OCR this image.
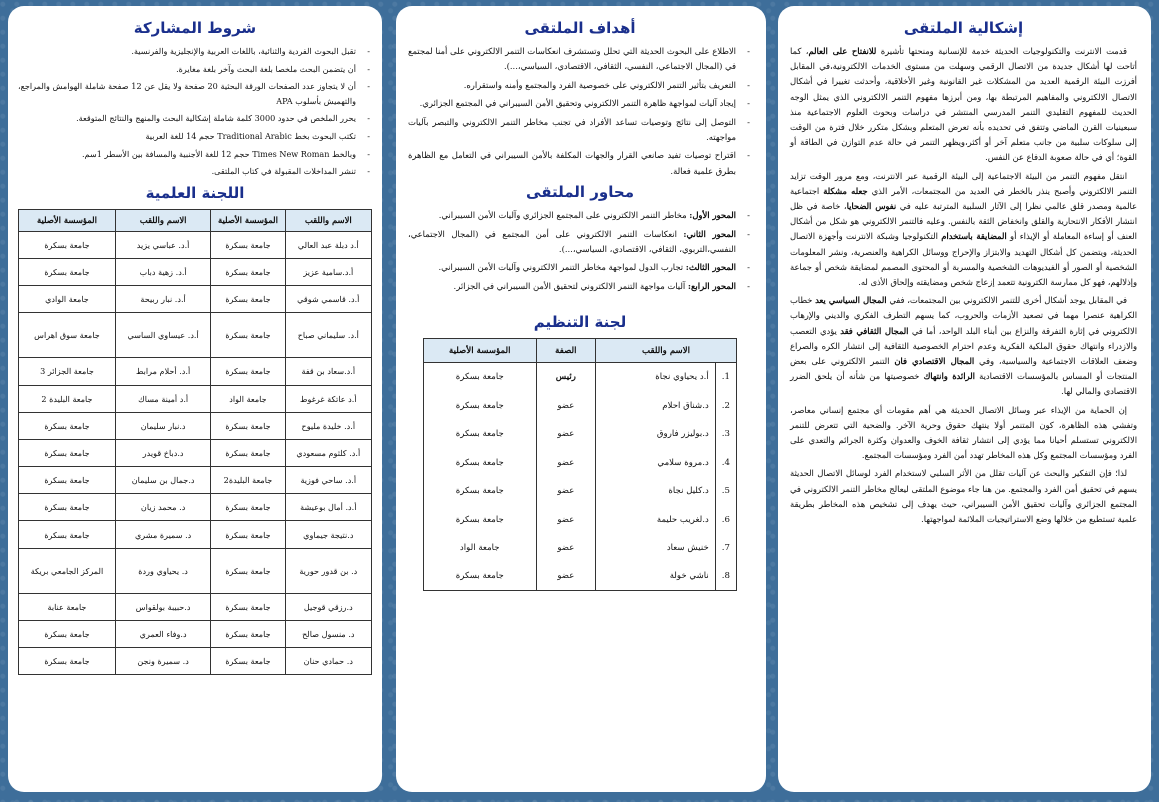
إشكالية الملتقى

قدمت الانترنت والتكنولوجيات الحديثة خدمة للإنسانية ومنحتها تأشيرة للانفتاح على العالم، كما أتاحت لها أشكال جديدة من الاتصال الرقمي وسهلت من مستوى الخدمات الالكترونية،في المقابل أفرزت البيئة الرقمية العديد من المشكلات غير القانونية وغير الأخلاقية، وأحدثت تغييرا في أشكال الاتصال الالكتروني والمفاهيم المرتبطة بها، ومن أبرزها مفهوم التنمر الالكتروني الذي يمثل الوجه الحديث للمفهوم التقليدي التنمر المدرسي المنتشر في دراسات وبحوث العلوم الاجتماعية منذ سبعينيات القرن الماضي وتتفق في تحديده بأنه تعرض المتعلم وبشكل متكرر خلال فترة من الوقت إلى سلوكات سلبية من جانب متعلم آخر أو أكثر،ويظهر التنمر في حالة عدم التوازن في الطاقة أو القوة؛ أي في حالة صعوبة الدفاع عن النفس.

انتقل مفهوم التنمر من البيئة الاجتماعية إلى البيئة الرقمية عبر الانترنت، ومع مرور الوقت تزايد التنمر الالكتروني وأصبح ينذر بالخطر في العديد من المجتمعات، الأمر الذي جعله مشكلة اجتماعية عالمية ومصدر قلق عالمي نظرا إلى الآثار السلبية المترتبة عليه في نفوس الضحايا، خاصة في ظل انتشار الأفكار الانتحارية والقلق وانخفاض الثقة بالنفس. وعليه فالتنمر الالكتروني هو شكل من أشكال العنف أو إساءة المعاملة أو الإيذاء أو المضايقة باستخدام التكنولوجيا وشبكة الانترنت وأجهزة الاتصال الحديثة، ويتضمن كل أشكال التهديد والابتزاز والإحراج ووسائل الكراهية والعنصرية، ونشر المعلومات الشخصية أو الصور أو الفيديوهات الشخصية والمسربة أو المحتوى المصمم لمضايقة شخص أو جماعة وإذلالهم، فهو كل ممارسة الكترونية تتعمد إزعاج شخص ومضايقته وإلحاق الأذى له.

في المقابل يوجد أشكال أخرى للتنمر الالكتروني بين المجتمعات، ففي المجال السياسي يعد خطاب الكراهية عنصرا مهما في تصعيد الأزمات والحروب، كما يسهم التطرف الفكري والديني والإرهاب الالكتروني في إثارة التفرقة والنزاع بين أبناء البلد الواحد، أما في المجال الثقافي فقد يؤدي التعصب والازدراء وانتهاك حقوق الملكية الفكرية وعدم احترام الخصوصية الثقافية إلى انتشار الكره والصراع وضعف العلاقات الاجتماعية والسياسية، وفي المجال الاقتصادي فان التنمر الالكتروني على بعض المنتجات أو المساس بالمؤسسات الاقتصادية الرائدة وانتهاك خصوصيتها من شأنه أن يلحق الضرر الاقتصادي والمالي لها.

إن الحماية من الإيذاء عبر وسائل الاتصال الحديثة هي أهم مقومات أي مجتمع إنساني معاصر، وتفشي هذه الظاهرة، كون المتنمر أولا ينتهك حقوق وحرية الآخر. والضحية التي تتعرض للتنمر الالكتروني تستسلم أحيانا مما يؤدي إلى انتشار ثقافة الخوف والعدوان وكثرة الجرائم والتعدي على الفرد ومؤسسات المجتمع وكل هذه المخاطر تهدد أمن الفرد ومؤسسات المجتمع.

لذا؛ فإن التفكير والبحث عن آليات تقلل من الأثر السلبي لاستخدام الفرد لوسائل الاتصال الحديثة يسهم في تحقيق أمن الفرد والمجتمع. من هنا جاء موضوع الملتقى ليعالج مخاطر التنمر الالكتروني في المجتمع الجزائري وآليات تحقيق الأمن السيبراني، حيث يهدف إلى تشخيص هذه المخاطر بطريقة علمية تستطيع من خلالها وضع الاستراتيجيات الملائمة لمواجهتها.

أهداف الملتقى
- الاطلاع على البحوث الحديثة التي تحلل وتستشرف انعكاسات التنمر الالكتروني على أمنا لمجتمع في (المجال الاجتماعي، النفسي، الثقافي، الاقتصادي، السياسي،...).
- التعريف بتأثير التنمر الالكتروني على خصوصية الفرد والمجتمع وأمنه واستقراره.
- إيجاد آليات لمواجهة ظاهرة التنمر الالكتروني وتحقيق الأمن السيبراني في المجتمع الجزائري.
- التوصل إلى نتائج وتوصيات تساعد الأفراد في تجنب مخاطر التنمر الالكتروني والتبصر بآليات مواجهته.
- اقتراح توصيات تفيد صانعي القرار والجهات المكلفة بالأمن السيبراني في التعامل مع الظاهرة بطرق علمية فعالة.
محاور الملتقى
- المحور الأول: مخاطر التنمر الالكتروني على المجتمع الجزائري وآليات الأمن السيبراني.
- المحور الثاني: انعكاسات التنمر الالكتروني على أمن المجتمع في (المجال الاجتماعي، النفسي،التربوي، الثقافي، الاقتصادي، السياسي،...).
- المحور الثالث: تجارب الدول لمواجهة مخاطر التنمر الالكتروني وآليات الأمن السيبراني.
- المحور الرابع: آليات مواجهة التنمر الالكتروني لتحقيق الأمن السيبراني في الجزائر.
لجنة التنظيم
الاسم واللقب		الصفة	المؤسسة الأصلية
1.	أ.د يحياوي نجاة	رئيس	جامعة بسكرة
2.	د.شناق احلام	عضو	جامعة بسكرة
3.	د.بوليزر فاروق	عضو	جامعة بسكرة
4.	د.مروة سلامي	عضو	جامعة بسكرة
5.	د.كليل نجاة	عضو	جامعة بسكرة
6.	د.لغريب حليمة	عضو	جامعة بسكرة
7.	خنيش سعاد	عضو	جامعة الواد
8.	ناشي خولة	عضو	جامعة بسكرة
شروط المشاركة
- تقبل البحوث الفردية والثنائية، باللغات العربية والإنجليزية والفرنسية.
- أن يتضمن البحث ملخصا بلغة البحث وآخر بلغة مغايرة.
- أن لا يتجاوز عدد الصفحات الورقة البحثية 20 صفحة ولا يقل عن 12 صفحة شاملة الهوامش والمراجع، والتهميش بأسلوب APA
- يحرر الملخص في حدود 3000 كلمة شاملة إشكالية البحث والمنهج والنتائج المتوقعة.
- تكتب البحوث بخط Traditional Arabic حجم 14 للغة العربية
- وبالخط Times New Roman حجم 12 للغة الأجنبية والمسافة بين الأسطر 1سم.
- تنشر المداخلات المقبولة في كتاب الملتقى.
اللجنة العلمية
الاسم واللقب	المؤسسة الأصلية	الاسم واللقب	المؤسسة الأصلية
أ.د دبلة عبد العالي	جامعة بسكرة	أ.د. عباسي يزيد	جامعة بسكرة
أ.د.سامية عزيز	جامعة بسكرة	أ.د. زهية دباب	جامعة بسكرة
أ.د. قاسمي شوقي	جامعة بسكرة	أ.د. نبار ربيحة	جامعة الوادي
أ.د. سليماني صباح	جامعة بسكرة	أ.د. عيساوي الساسي	جامعة سوق اهراس
أ.د.سعاد بن قفة	جامعة بسكرة	أ.د. أحلام مرابط	جامعة الجزائر 3
أ.د عاتكة غرغوط	جامعة الواد	أ.د أمينة مساك	جامعة البليدة 2
أ.د. خليدة مليوح	جامعة بسكرة	د.نبار سليمان	جامعة بسكرة
أ.د. كلثوم مسعودي	جامعة بسكرة	د.دباخ قويدر	جامعة بسكرة
أ.د. ساحي فوزية	جامعة البليدة2	د.جمال بن سليمان	جامعة بسكرة
أ.د. أمال بوعيشة	جامعة بسكرة	د. محمد زيان	جامعة بسكرة
د.نتيجة جيماوي	جامعة بسكرة	د. سميرة مشري	جامعة بسكرة
د. بن قدور حورية	جامعة بسكرة	د. يحياوي وردة	المركز الجامعي بريكة
د.رزقي قوجيل	جامعة بسكرة	د.حبيبة بولقواس	جامعة عنابة
د. منسول صالح	جامعة بسكرة	د.وفاء العمري	جامعة بسكرة
د. حمادي حنان	جامعة بسكرة	د. سميرة ونجن	جامعة بسكرة
